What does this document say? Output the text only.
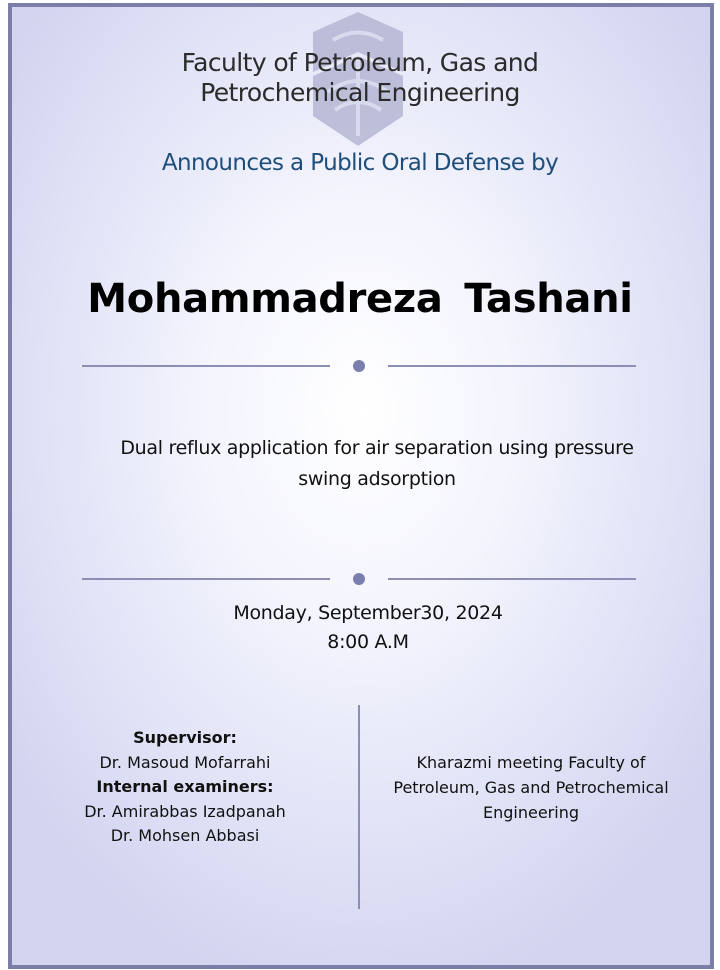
Faculty of Petroleum, Gas and
Petrochemical Engineering
Announces a Public Oral Defense by
Mohammadreza Tashani
Dual reflux application for air separation using pressure
swing adsorption
Monday, September30, 2024
8:00 A.M
Supervisor:
Dr. Masoud Mofarrahi
Internal examiners:
Dr. Amirabbas Izadpanah
Dr. Mohsen Abbasi
Kharazmi meeting Faculty of
Petroleum, Gas and Petrochemical
Engineering
